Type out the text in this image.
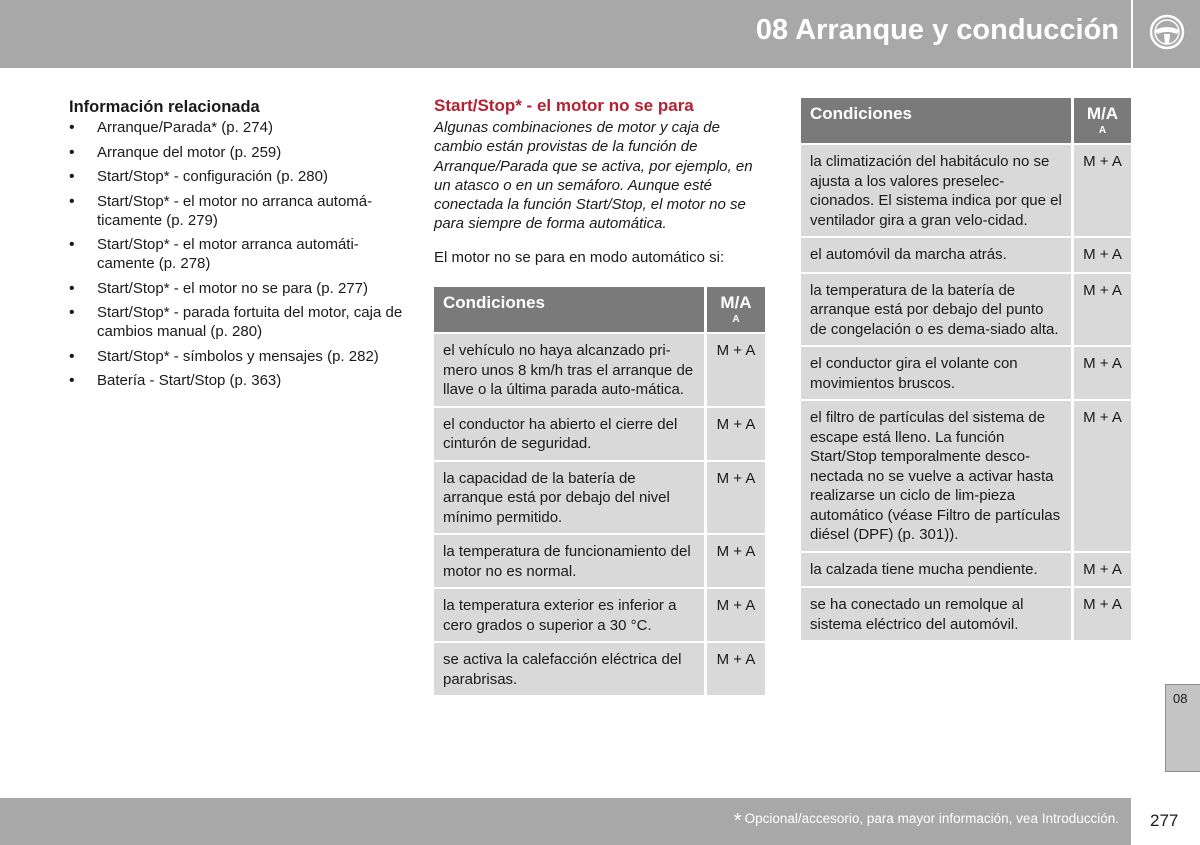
08 Arranque y conducción
Información relacionada
• Arranque/Parada* (p. 274)
• Arranque del motor (p. 259)
• Start/Stop* - configuración (p. 280)
• Start/Stop* - el motor no arranca automá-ticamente (p. 279)
• Start/Stop* - el motor arranca automáti-camente (p. 278)
• Start/Stop* - el motor no se para (p. 277)
• Start/Stop* - parada fortuita del motor, caja de cambios manual (p. 280)
• Start/Stop* - símbolos y mensajes (p. 282)
• Batería - Start/Stop (p. 363)
Start/Stop* - el motor no se para
Algunas combinaciones de motor y caja de cambio están provistas de la función de Arranque/Parada que se activa, por ejemplo, en un atasco o en un semáforo. Aunque esté conectada la función Start/Stop, el motor no se para siempre de forma automática.
El motor no se para en modo automático si:
Condiciones	M/A
A

el vehículo no haya alcanzado pri-mero unos 8 km/h tras el arranque de llave o la última parada auto-mática.	M + A
el conductor ha abierto el cierre del cinturón de seguridad.	M + A
la capacidad de la batería de arranque está por debajo del nivel mínimo permitido.	M + A
la temperatura de funcionamiento del motor no es normal.	M + A
la temperatura exterior es inferior a cero grados o superior a 30 °C.	M + A
se activa la calefacción eléctrica del parabrisas.	M + A
Condiciones	M/A
A

la climatización del habitáculo no se ajusta a los valores preselec-cionados. El sistema indica por que el ventilador gira a gran velo-cidad.	M + A
el automóvil da marcha atrás.	M + A
la temperatura de la batería de arranque está por debajo del punto de congelación o es dema-siado alta.	M + A
el conductor gira el volante con movimientos bruscos.	M + A
el filtro de partículas del sistema de escape está lleno. La función Start/Stop temporalmente desco-nectada no se vuelve a activar hasta realizarse un ciclo de lim-pieza automático (véase Filtro de partículas diésel (DPF) (p. 301)).	M + A
la calzada tiene mucha pendiente.	M + A
se ha conectado un remolque al sistema eléctrico del automóvil.	M + A
08
* Opcional/accesorio, para mayor información, vea Introducción. 277
